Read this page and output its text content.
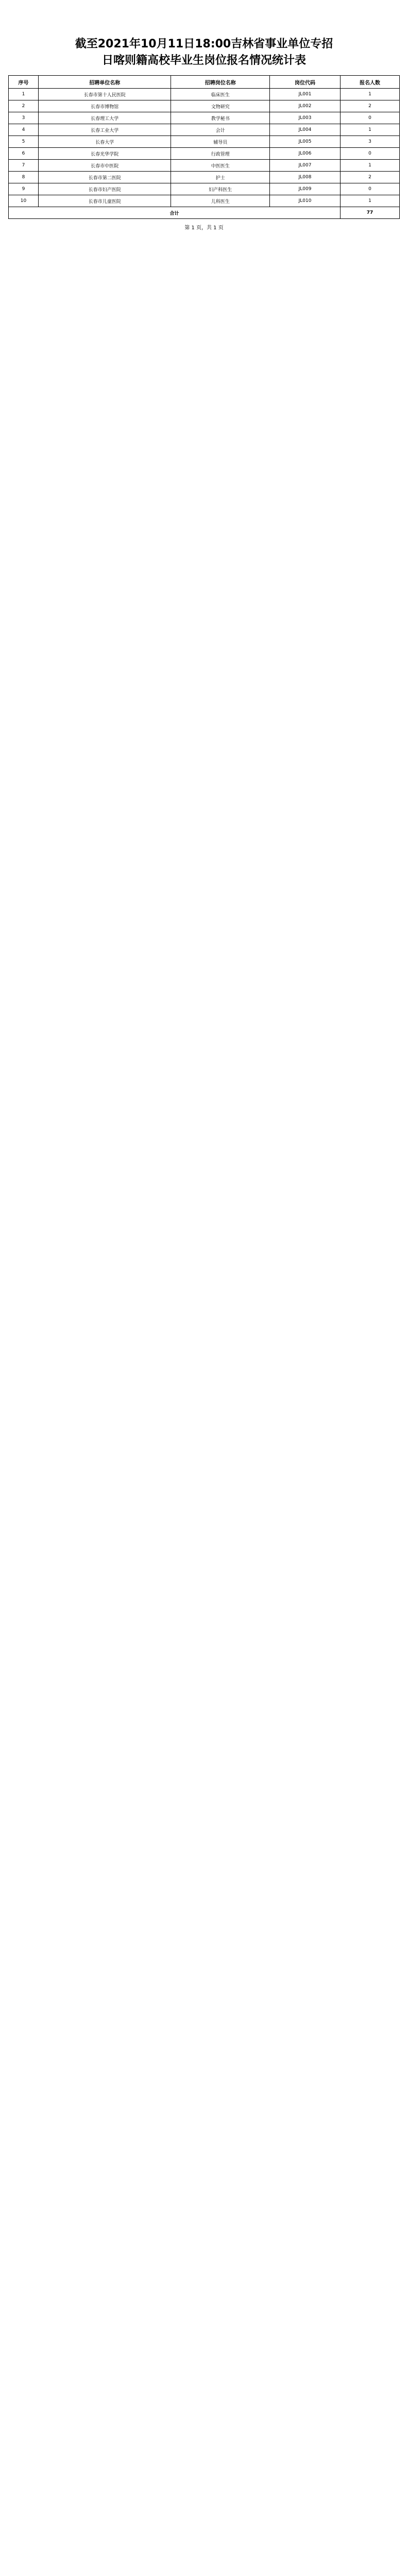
截至2021年10月11日18:00吉林省事业单位专招
日喀则籍高校毕业生岗位报名情况统计表
序号	招聘单位名称	招聘岗位名称	岗位代码	报名人数
1	长春市第十人民医院	临床医生	JL001	1
2	长春市博物馆	文物研究	JL002	2
3	长春理工大学	教学秘书	JL003	0
4	长春工业大学	会计	JL004	1
5	长春大学	辅导员	JL005	3
6	长春光华学院	行政管理	JL006	0
7	长春市中医院	中医医生	JL007	1
8	长春市第二医院	护士	JL008	2
9	长春市妇产医院	妇产科医生	JL009	0
10	长春市儿童医院	儿科医生	JL010	1
合计				77
第 1 页，共 1 页
